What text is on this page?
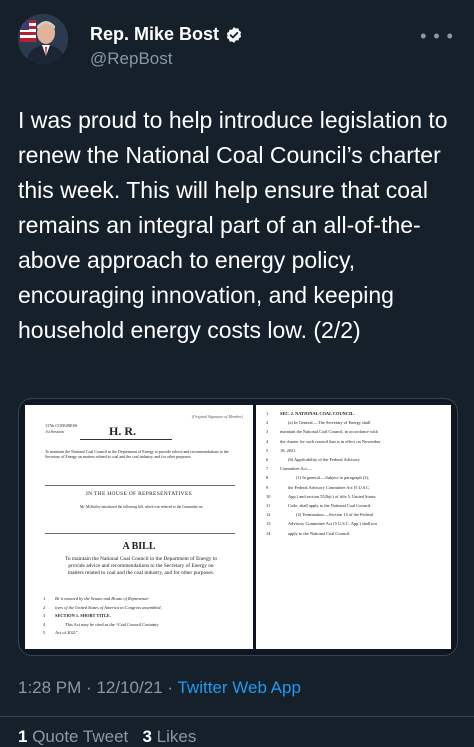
Rep. Mike Bost
@RepBost
• • •

I was proud to help introduce legislation to renew the National Coal Council’s charter this week. This will help ensure that coal remains an integral part of an all-of-the-above approach to energy policy, encouraging innovation, and keeping household energy costs low. (2/2)

(Original Signature of Member)
117th CONGRESS
1st Session	H. R.
To maintain the National Coal Council in the Department of Energy to provide advice and recommendations to the Secretary of Energy on matters related to coal and the coal industry, and for other purposes.
IN THE HOUSE OF REPRESENTATIVES
Mr. McKinley introduced the following bill; which was referred to the Committee on
A BILL
To maintain the National Coal Council in the Department of Energy to provide advice and recommendations to the Secretary of Energy on matters related to coal and the coal industry, and for other purposes.
1	Be it enacted by the Senate and House of Representa-
2	tives of the United States of America in Congress assembled,
3	SECTION 1. SHORT TITLE.
4	This Act may be cited as the “Coal Council Certainty
5	Act of 2021”.
1	SEC. 2. NATIONAL COAL COUNCIL.
2	(a) In General.—The Secretary of Energy shall
3	maintain the National Coal Council, in accordance with
4	the charter for such council that is in effect on November
5	18, 2021.
6	(b) Applicability of the Federal Advisory
7	Committee Act.—
8	(1) In general.—Subject to paragraph (2),
9	the Federal Advisory Committee Act (5 U.S.C.
10	App.) and section 552b(c) of title 5, United States
11	Code, shall apply to the National Coal Council.
12	(2) Termination.—Section 14 of the Federal
13	Advisory Committee Act (5 U.S.C. App.) shall not
14	apply to the National Coal Council.
1:28 PM · 12/10/21 · Twitter Web App
1 Quote Tweet 3 Likes
